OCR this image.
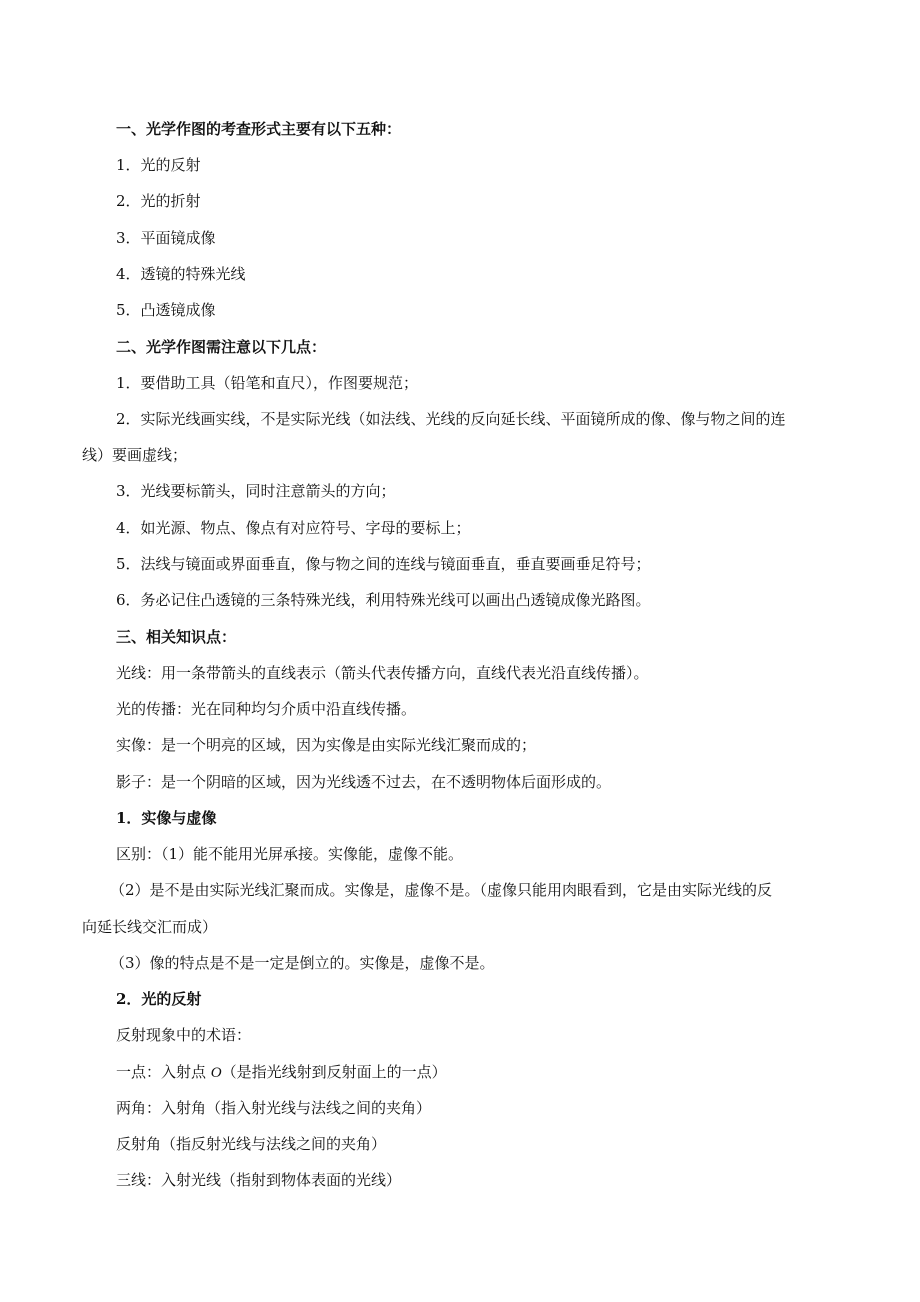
一、光学作图的考查形式主要有以下五种：
1．光的反射
2．光的折射
3．平面镜成像
4．透镜的特殊光线
5．凸透镜成像
二、光学作图需注意以下几点：
1．要借助工具（铅笔和直尺），作图要规范；
2．实际光线画实线，不是实际光线（如法线、光线的反向延长线、平面镜所成的像、像与物之间的连
线）要画虚线；
3．光线要标箭头，同时注意箭头的方向；
4．如光源、物点、像点有对应符号、字母的要标上；
5．法线与镜面或界面垂直，像与物之间的连线与镜面垂直，垂直要画垂足符号；
6．务必记住凸透镜的三条特殊光线，利用特殊光线可以画出凸透镜成像光路图。
三、相关知识点：
光线：用一条带箭头的直线表示（箭头代表传播方向，直线代表光沿直线传播）。
光的传播：光在同种均匀介质中沿直线传播。
实像：是一个明亮的区域，因为实像是由实际光线汇聚而成的；
影子：是一个阴暗的区域，因为光线透不过去，在不透明物体后面形成的。
1．实像与虚像
区别：（1）能不能用光屏承接。实像能，虚像不能。
（2）是不是由实际光线汇聚而成。实像是，虚像不是。（虚像只能用肉眼看到，它是由实际光线的反
向延长线交汇而成）
（3）像的特点是不是一定是倒立的。实像是，虚像不是。
2．光的反射
反射现象中的术语：
一点：入射点 O（是指光线射到反射面上的一点）
两角：入射角（指入射光线与法线之间的夹角）
反射角（指反射光线与法线之间的夹角）
三线：入射光线（指射到物体表面的光线）
